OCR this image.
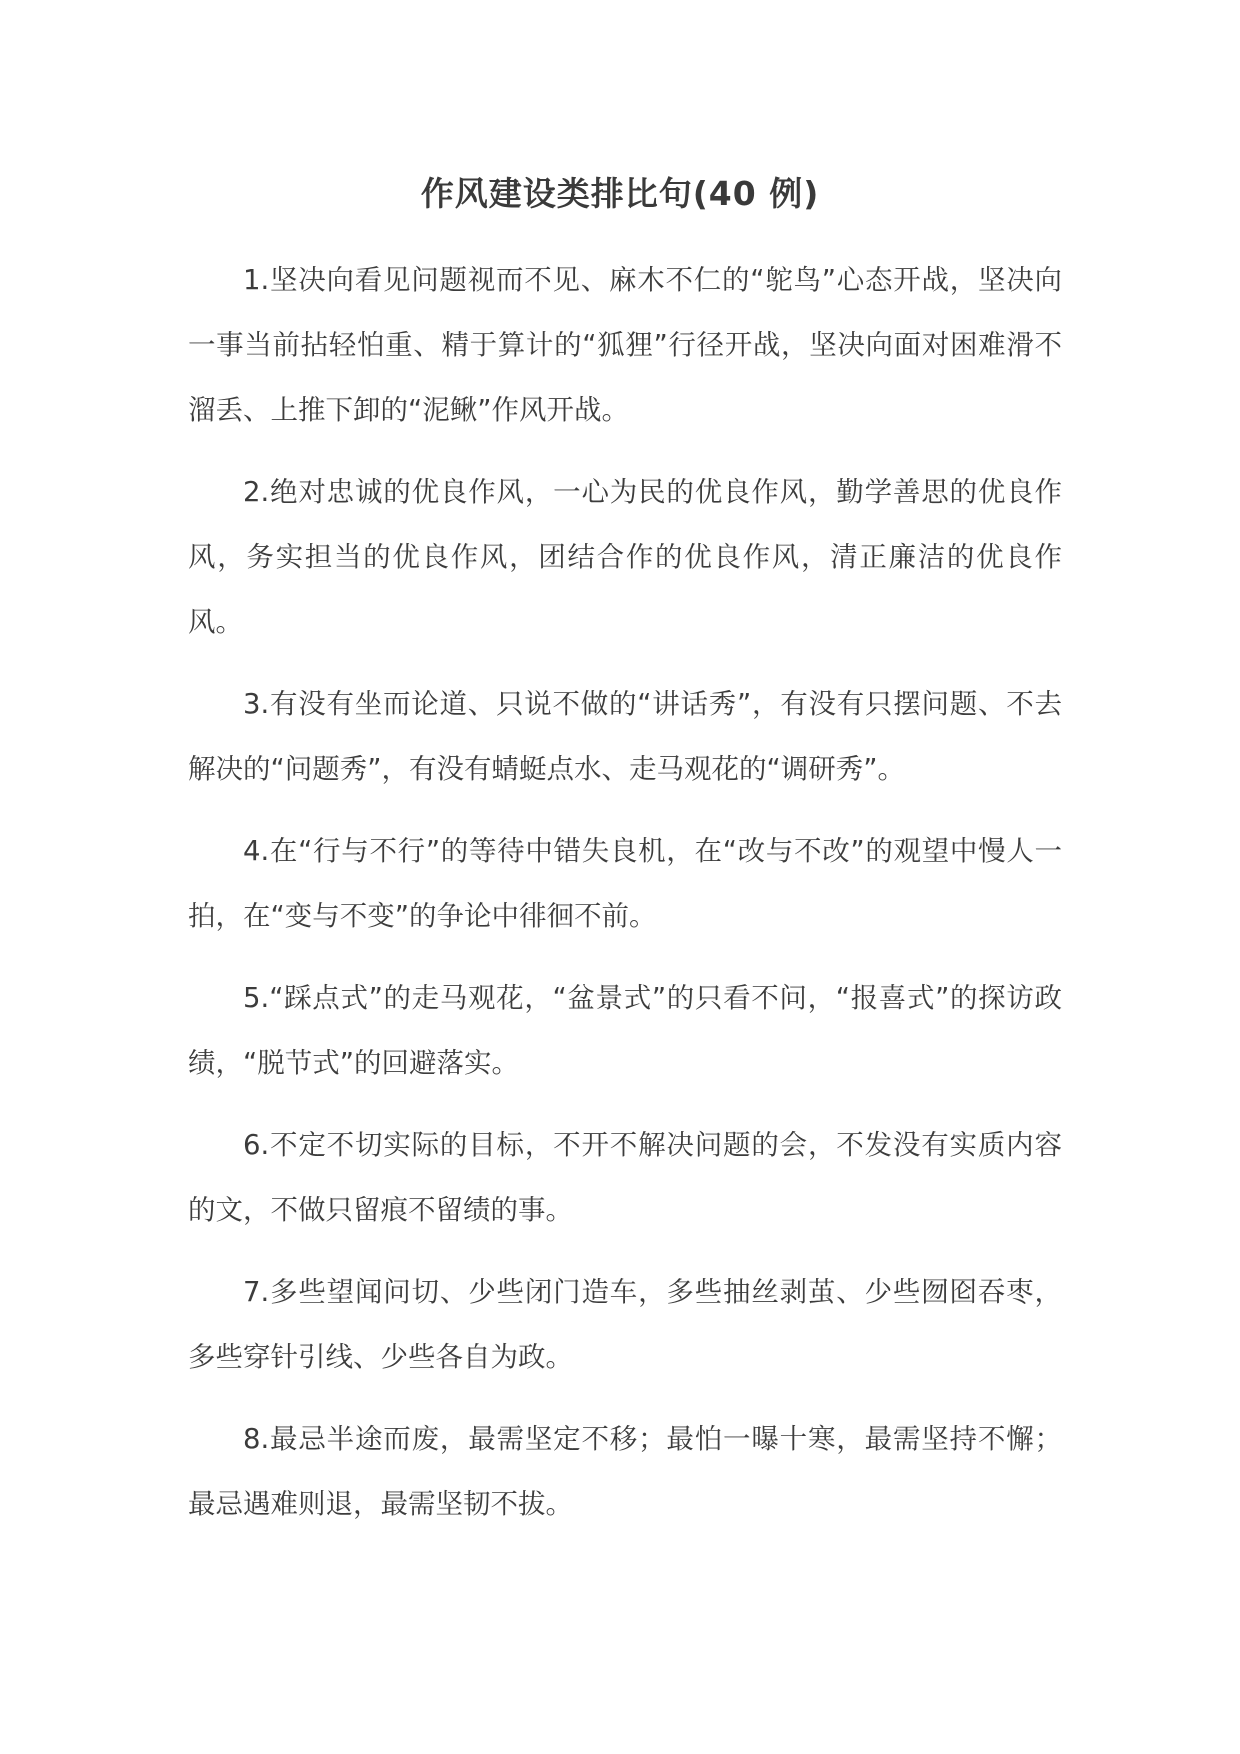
作风建设类排比句(40 例)

1.坚决向看见问题视而不见、麻木不仁的“鸵鸟”心态开战，坚决向一事当前拈轻怕重、精于算计的“狐狸”行径开战，坚决向面对困难滑不溜丢、上推下卸的“泥鳅”作风开战。

2.绝对忠诚的优良作风，一心为民的优良作风，勤学善思的优良作风，务实担当的优良作风，团结合作的优良作风，清正廉洁的优良作风。

3.有没有坐而论道、只说不做的“讲话秀”，有没有只摆问题、不去解决的“问题秀”，有没有蜻蜓点水、走马观花的“调研秀”。

4.在“行与不行”的等待中错失良机，在“改与不改”的观望中慢人一拍，在“变与不变”的争论中徘徊不前。

5.“踩点式”的走马观花，“盆景式”的只看不问，“报喜式”的探访政绩，“脱节式”的回避落实。

6.不定不切实际的目标，不开不解决问题的会，不发没有实质内容的文，不做只留痕不留绩的事。

7.多些望闻问切、少些闭门造车，多些抽丝剥茧、少些囫囵吞枣，多些穿针引线、少些各自为政。

8.最忌半途而废，最需坚定不移；最怕一曝十寒，最需坚持不懈；最忌遇难则退，最需坚韧不拔。
